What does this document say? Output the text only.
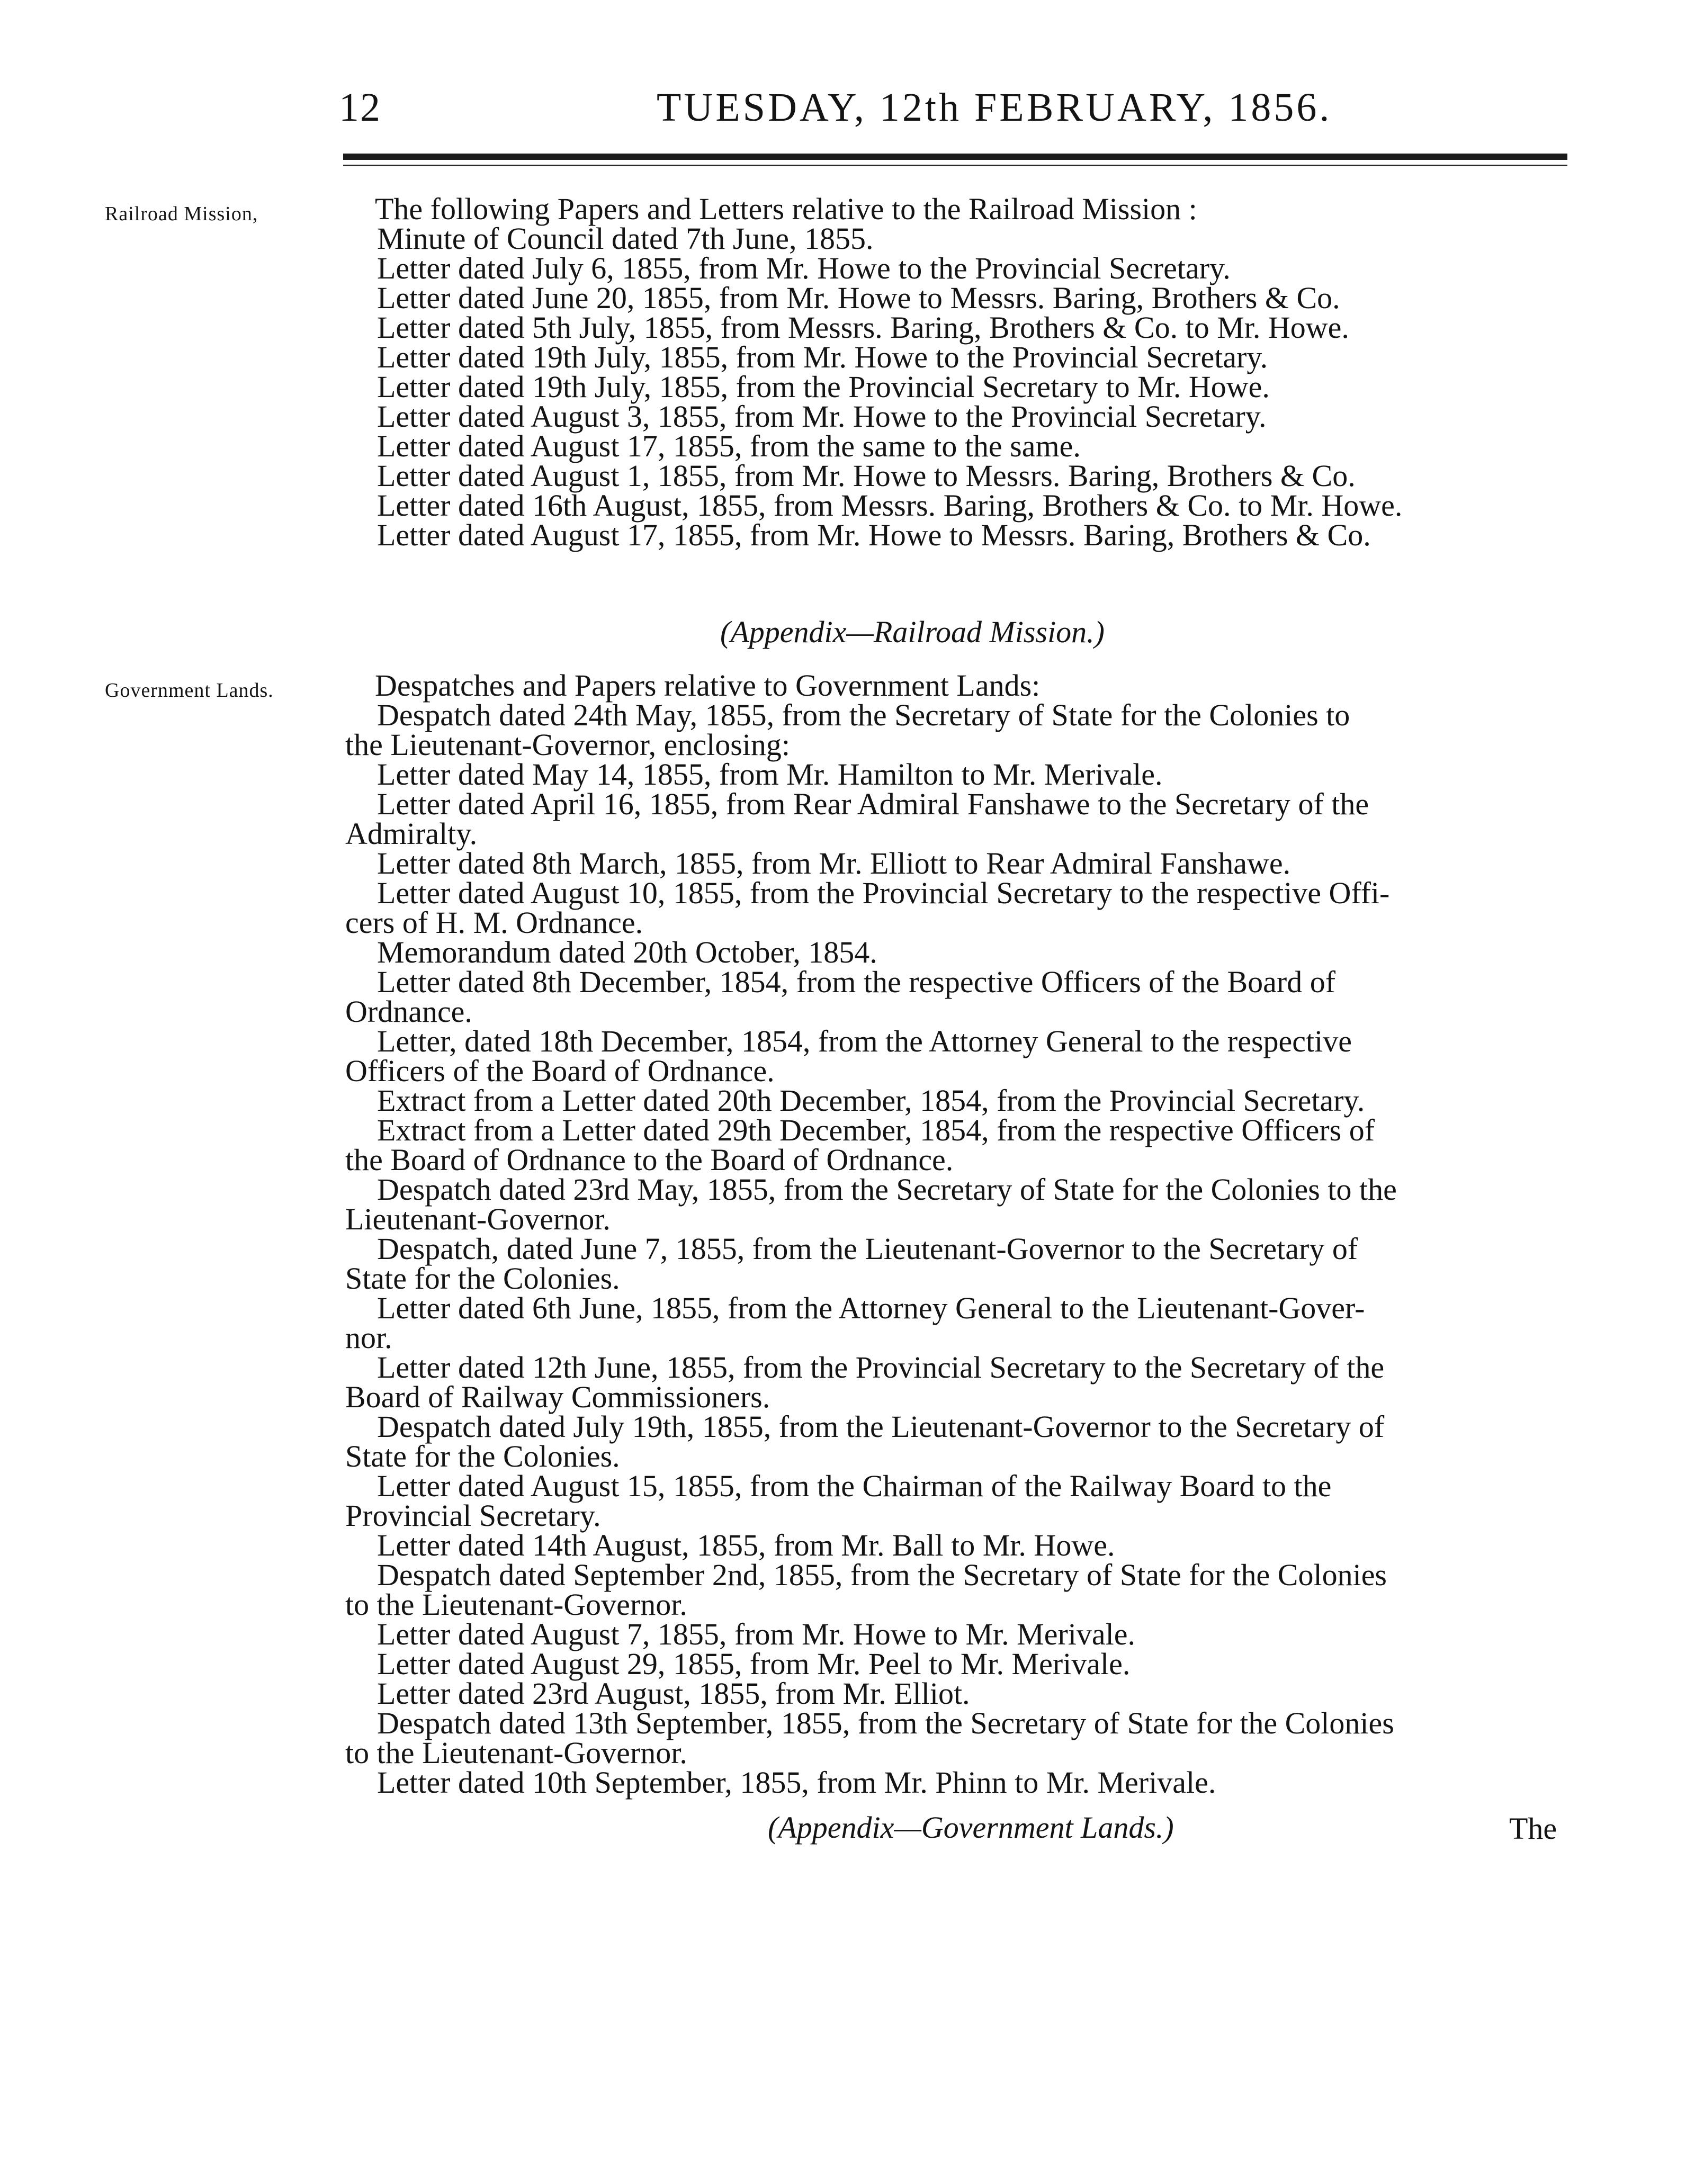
12	TUESDAY, 12th FEBRUARY, 1856.
Railroad Mission,	The following Papers and Letters relative to the Railroad Mission :
Minute of Council dated 7th June, 1855.
Letter dated July 6, 1855, from Mr. Howe to the Provincial Secretary.
Letter dated June 20, 1855, from Mr. Howe to Messrs. Baring, Brothers & Co.
Letter dated 5th July, 1855, from Messrs. Baring, Brothers & Co. to Mr. Howe.
Letter dated 19th July, 1855, from Mr. Howe to the Provincial Secretary.
Letter dated 19th July, 1855, from the Provincial Secretary to Mr. Howe.
Letter dated August 3, 1855, from Mr. Howe to the Provincial Secretary.
Letter dated August 17, 1855, from the same to the same.
Letter dated August 1, 1855, from Mr. Howe to Messrs. Baring, Brothers & Co.
Letter dated 16th August, 1855, from Messrs. Baring, Brothers & Co. to Mr. Howe.
Letter dated August 17, 1855, from Mr. Howe to Messrs. Baring, Brothers & Co.
(Appendix—Railroad Mission.)
Government Lands.	Despatches and Papers relative to Government Lands:
Despatch dated 24th May, 1855, from the Secretary of State for the Colonies to
the Lieutenant-Governor, enclosing:
Letter dated May 14, 1855, from Mr. Hamilton to Mr. Merivale.
Letter dated April 16, 1855, from Rear Admiral Fanshawe to the Secretary of the
Admiralty.
Letter dated 8th March, 1855, from Mr. Elliott to Rear Admiral Fanshawe.
Letter dated August 10, 1855, from the Provincial Secretary to the respective Offi-
cers of H. M. Ordnance.
Memorandum dated 20th October, 1854.
Letter dated 8th December, 1854, from the respective Officers of the Board of
Ordnance.
Letter, dated 18th December, 1854, from the Attorney General to the respective
Officers of the Board of Ordnance.
Extract from a Letter dated 20th December, 1854, from the Provincial Secretary.
Extract from a Letter dated 29th December, 1854, from the respective Officers of
the Board of Ordnance to the Board of Ordnance.
Despatch dated 23rd May, 1855, from the Secretary of State for the Colonies to the
Lieutenant-Governor.
Despatch, dated June 7, 1855, from the Lieutenant-Governor to the Secretary of
State for the Colonies.
Letter dated 6th June, 1855, from the Attorney General to the Lieutenant-Gover-
nor.
Letter dated 12th June, 1855, from the Provincial Secretary to the Secretary of the
Board of Railway Commissioners.
Despatch dated July 19th, 1855, from the Lieutenant-Governor to the Secretary of
State for the Colonies.
Letter dated August 15, 1855, from the Chairman of the Railway Board to the
Provincial Secretary.
Letter dated 14th August, 1855, from Mr. Ball to Mr. Howe.
Despatch dated September 2nd, 1855, from the Secretary of State for the Colonies
to the Lieutenant-Governor.
Letter dated August 7, 1855, from Mr. Howe to Mr. Merivale.
Letter dated August 29, 1855, from Mr. Peel to Mr. Merivale.
Letter dated 23rd August, 1855, from Mr. Elliot.
Despatch dated 13th September, 1855, from the Secretary of State for the Colonies
to the Lieutenant-Governor.
Letter dated 10th September, 1855, from Mr. Phinn to Mr. Merivale.
(Appendix—Government Lands.)	The
